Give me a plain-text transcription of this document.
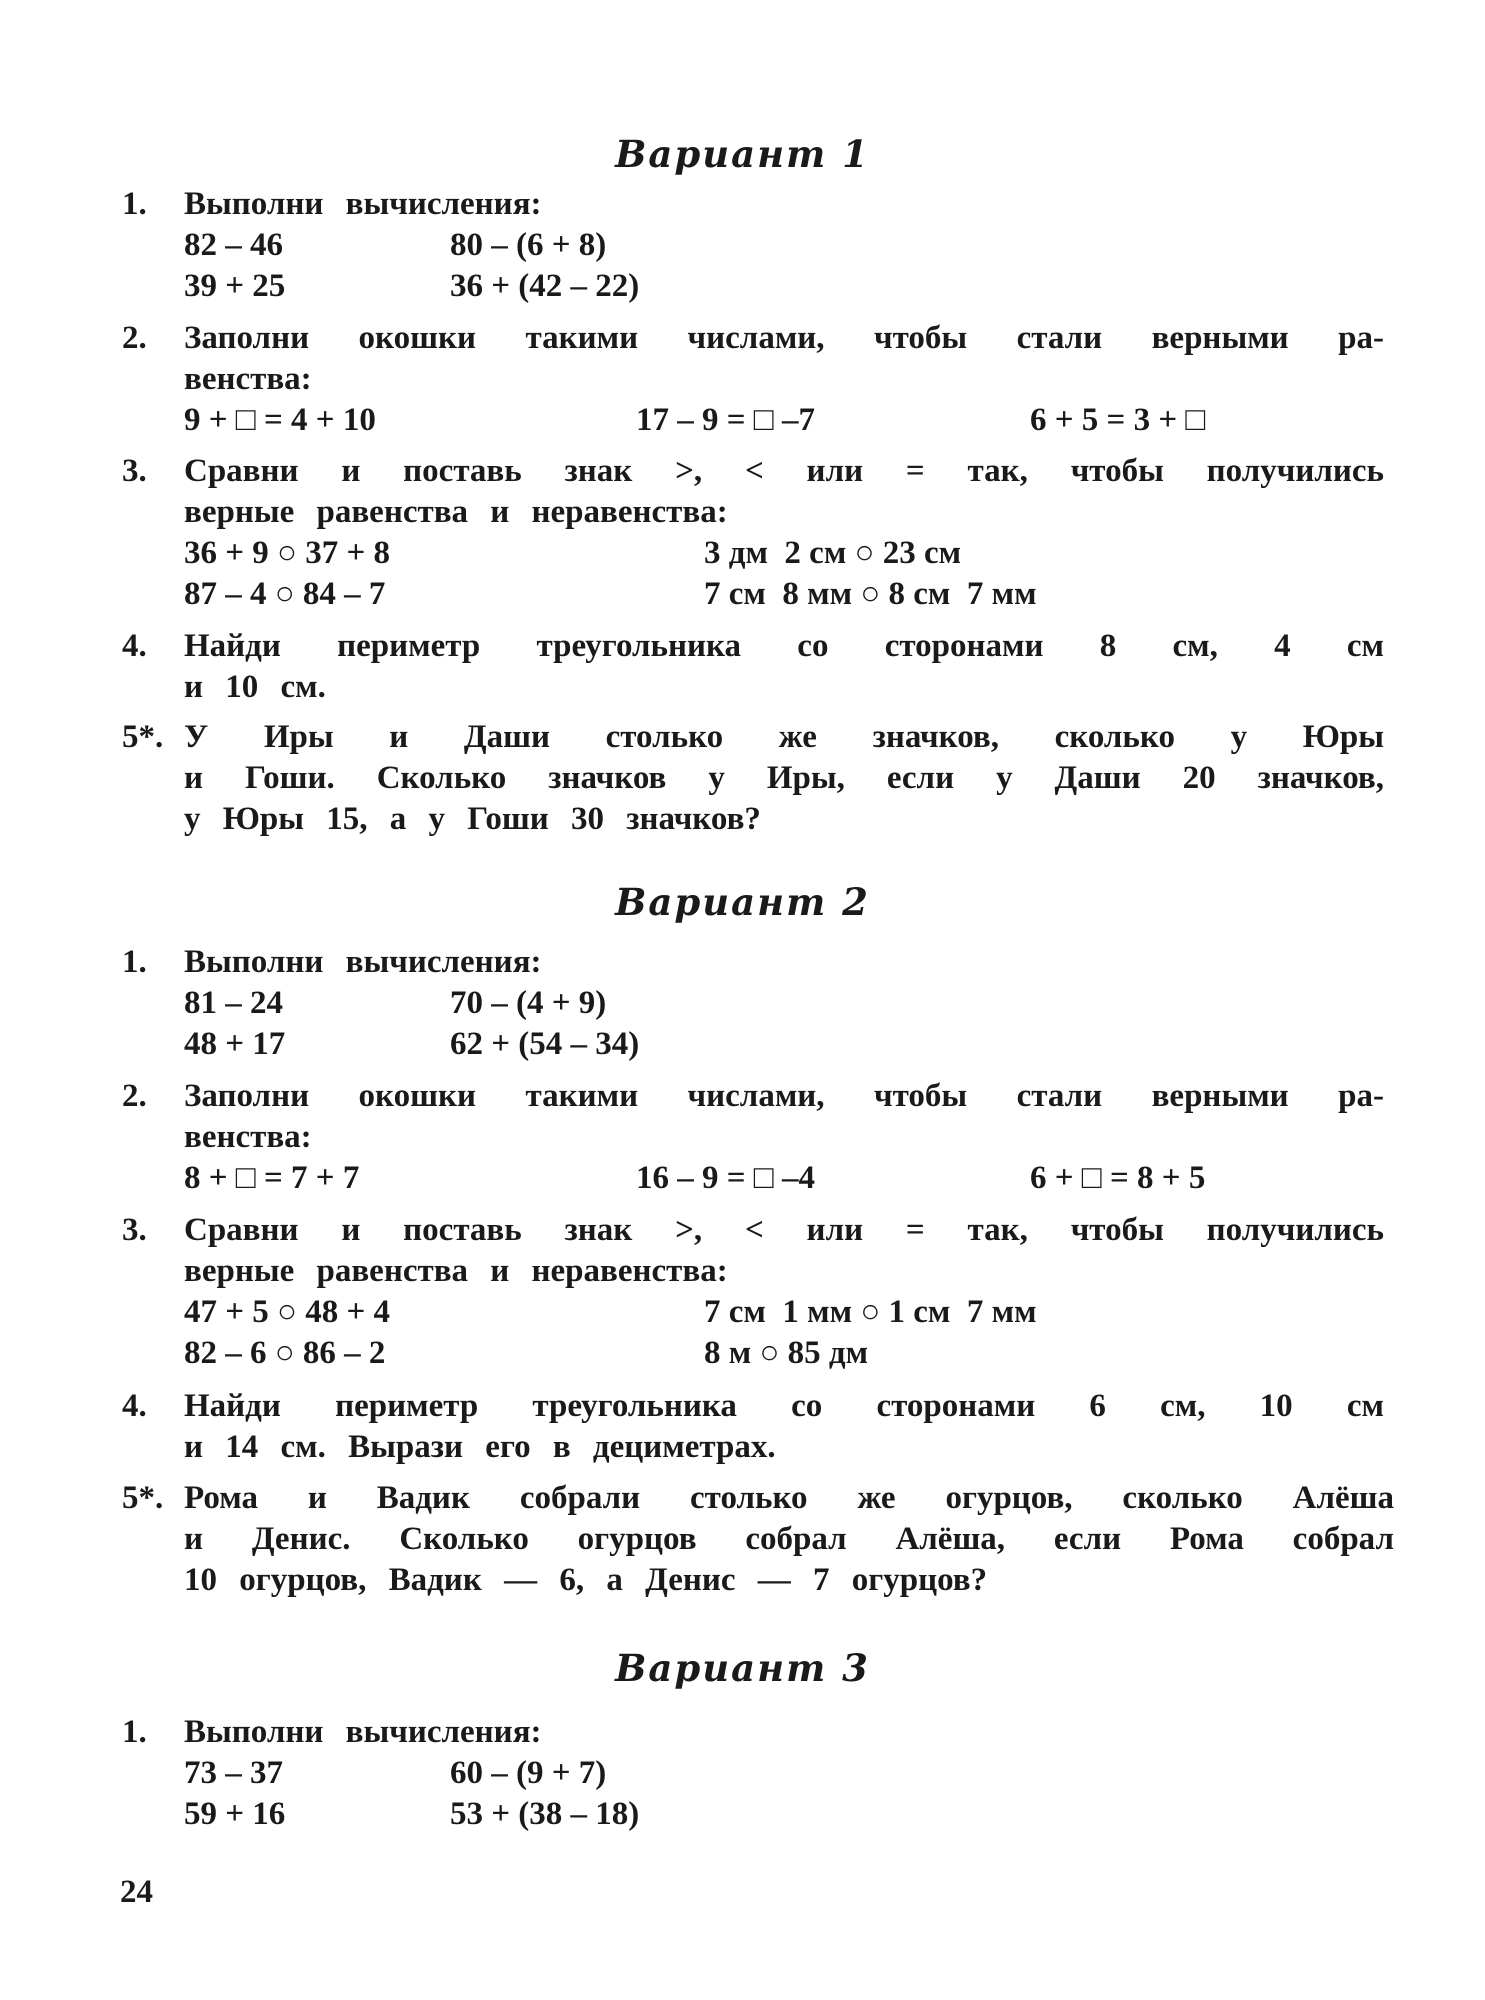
Вариант 1
1. Выполни вычисления:
82 – 46	80 – (6 + 8)
39 + 25	36 + (42 – 22)
2. Заполни окошки такими числами, чтобы стали верными ра-
венства:
9 + □ = 4 + 10	17 – 9 = □ –7	6 + 5 = 3 + □
3. Сравни и поставь знак >, < или = так, чтобы получились
верные равенства и неравенства:
36 + 9 ○ 37 + 8	3 дм  2 см ○ 23 см
87 – 4 ○ 84 – 7	7 см  8 мм ○ 8 см  7 мм
4. Найди периметр треугольника со сторонами 8 см, 4 см
и 10 см.
5*. У Иры и Даши столько же значков, сколько у Юры
и Гоши. Сколько значков у Иры, если у Даши 20 значков,
у Юры 15, а у Гоши 30 значков?
Вариант 2
1. Выполни вычисления:
81 – 24	70 – (4 + 9)
48 + 17	62 + (54 – 34)
2. Заполни окошки такими числами, чтобы стали верными ра-
венства:
8 + □ = 7 + 7	16 – 9 = □ –4	6 + □ = 8 + 5
3. Сравни и поставь знак >, < или = так, чтобы получились
верные равенства и неравенства:
47 + 5 ○ 48 + 4	7 см  1 мм ○ 1 см  7 мм
82 – 6 ○ 86 – 2	8 м ○ 85 дм
4. Найди периметр треугольника со сторонами 6 см, 10 см
и 14 см. Вырази его в дециметрах.
5*. Рома и Вадик собрали столько же огурцов, сколько Алёша
и Денис. Сколько огурцов собрал Алёша, если Рома собрал
10 огурцов, Вадик — 6, а Денис — 7 огурцов?
Вариант 3
1. Выполни вычисления:
73 – 37	60 – (9 + 7)
59 + 16	53 + (38 – 18)
24
